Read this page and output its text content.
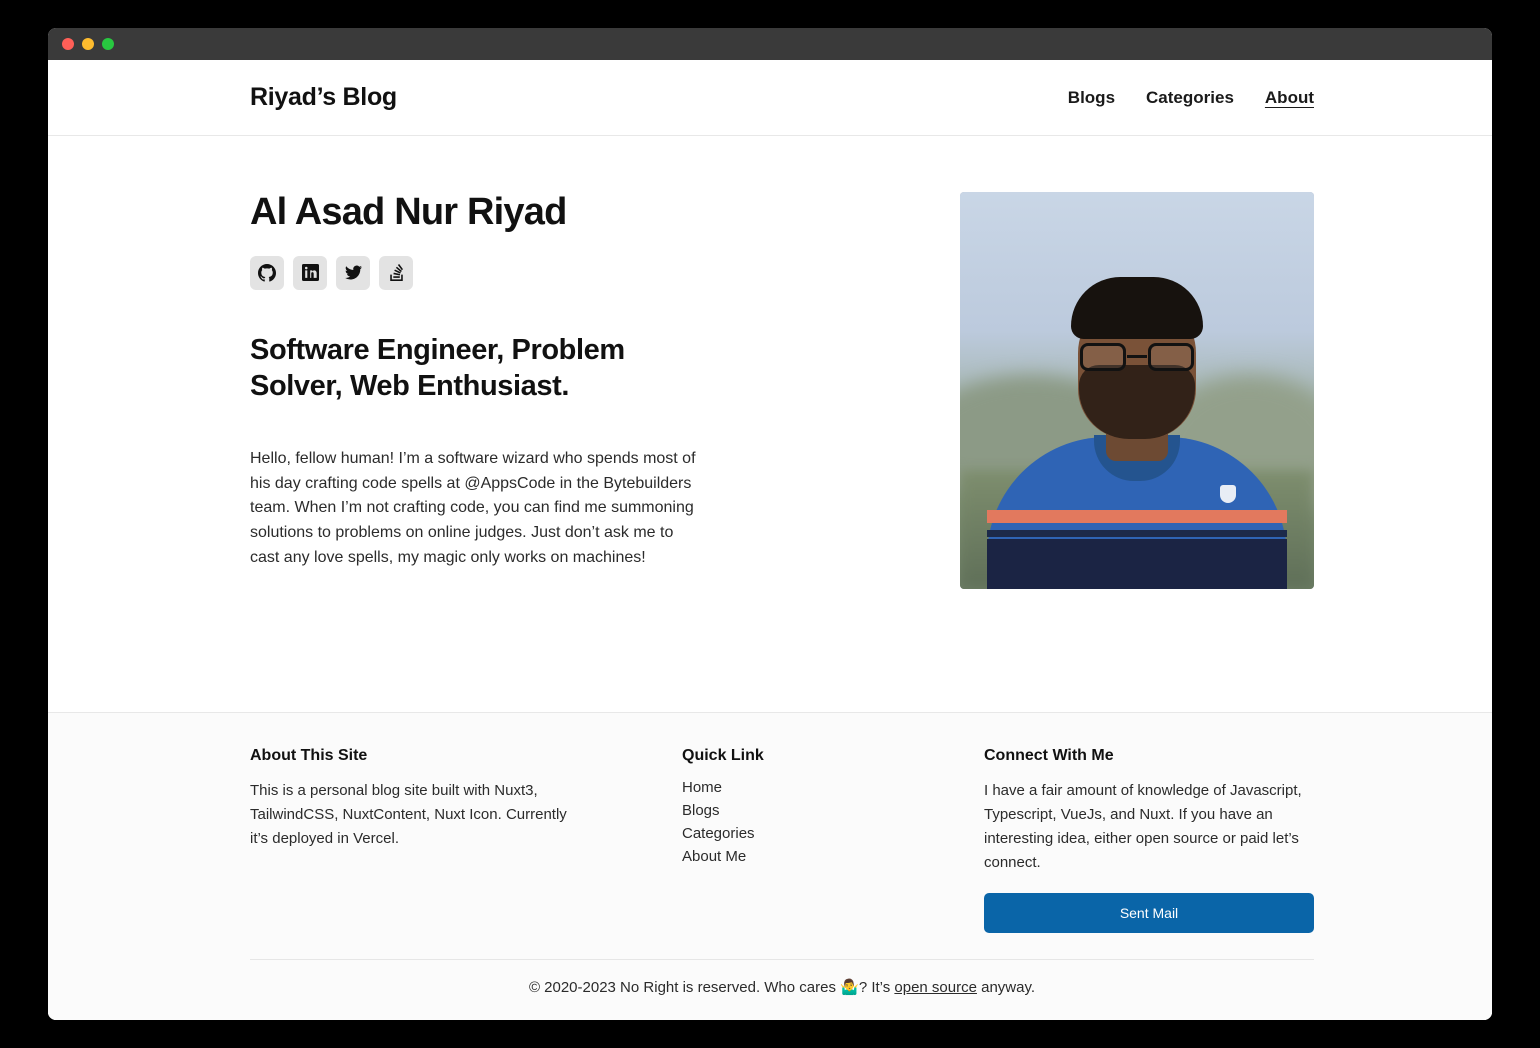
Riyad’s Blog	Blogs Categories About
Al Asad Nur Riyad
Software Engineer, Problem Solver, Web Enthusiast.

Hello, fellow human! I’m a software wizard who spends most of his day crafting code spells at @AppsCode in the Bytebuilders team. When I’m not crafting code, you can find me summoning solutions to problems on online judges. Just don’t ask me to cast any love spells, my magic only works on machines!

About This Site
This is a personal blog site built with Nuxt3, TailwindCSS, NuxtContent, Nuxt Icon. Currently it’s deployed in Vercel.
Quick Link
Home
Blogs
Categories
About Me
Connect With Me
I have a fair amount of knowledge of Javascript, Typescript, VueJs, and Nuxt. If you have an interesting idea, either open source or paid let’s connect.
Sent Mail
© 2020-2023 No Right is reserved. Who cares 🤷‍♂️? It’s open source anyway.
